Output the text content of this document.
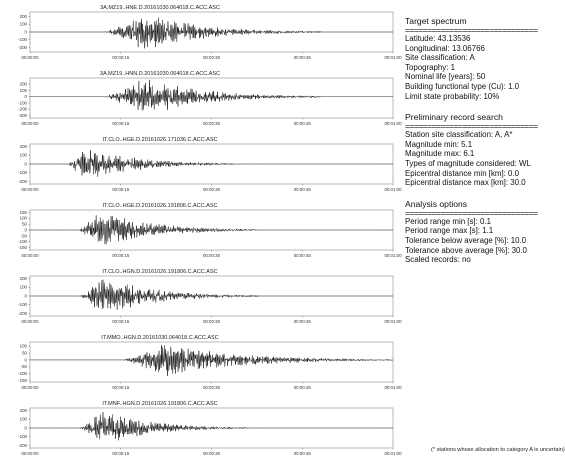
3A.MZ19..HNE.D.20161030.064018.C.ACC.ASC
200
100
0
-100
-200
00:00:00	00:00:15	00:00:30	00:00:45	00:01:00
3A.MZ19..HNN.D.20161030.064018.C.ACC.ASC
200
100
0
-100
-200
-300
00:00:00	00:00:15	00:00:30	00:00:45	00:01:00
IT.CLO..HGE.D.20161026.171036.C.ACC.ASC
200
100
0
-100
-200
00:00:00	00:00:15	00:00:30	00:00:45	00:01:00
IT.CLO..HGE.D.20161026.191806.C.ACC.ASC
150
100
50
0
-50
-100
-150
00:00:00	00:00:15	00:00:30	00:00:45	00:01:00
IT.CLO..HGN.D.20161026.191806.C.ACC.ASC
200
100
0
-100
-200
00:00:00	00:00:15	00:00:30	00:00:45	00:01:00
IT.MMO..HGN.D.20161030.064018.C.ACC.ASC
100
50
0
-50
-100
-150
00:00:00	00:00:15	00:00:30	00:00:45	00:01:00
IT.MNF..HGN.D.20161026.191806.C.ACC.ASC
200
100
0
-100
-200
00:00:00	00:00:15	00:00:30	00:00:45	00:01:00
Target spectrum
==============================
Latitude: 43.13536
Longitudinal: 13.06766
Site classification: A
Topography: 1
Nominal life [years]: 50
Building functional type (Cu): 1.0
Limit state probability: 10%
Preliminary record search
==============================
Station site classification: A, A*
Magnitude min: 5.1
Magnitude max: 6.1
Types of magnitude considered: WL
Epicentral distance min [km]: 0.0
Epicentral distance max [km]: 30.0
Analysis options
==============================
Period range min [s]: 0.1
Period range max [s]: 1.1
Tolerance below average [%]: 10.0
Tolerance above average [%]: 30.0
Scaled records: no
(* stations whose allocation to category A is uncertain)
